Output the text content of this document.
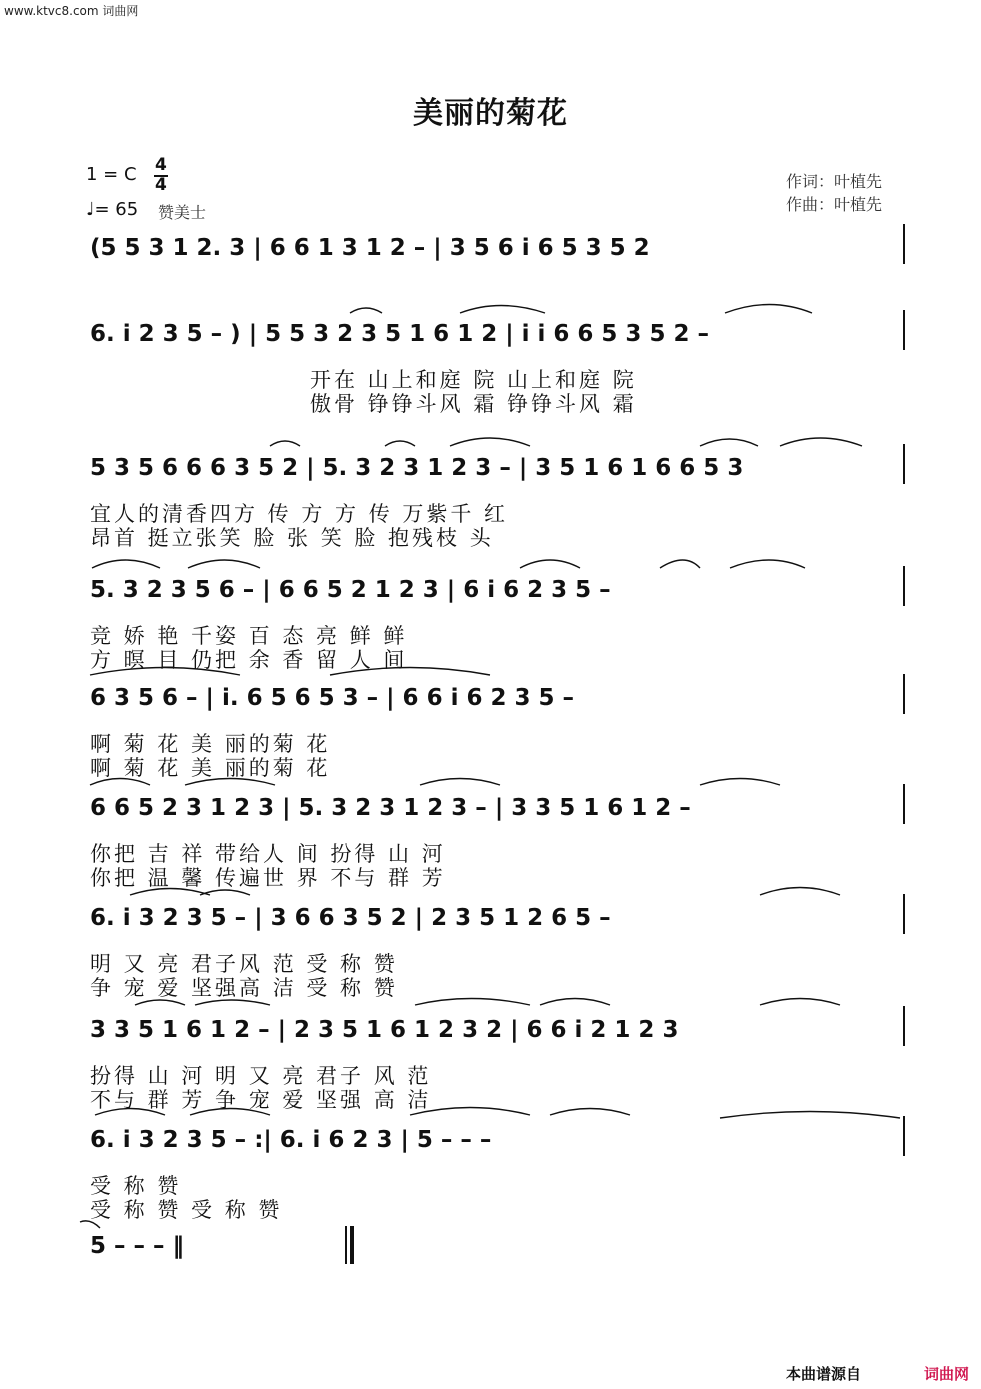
www.ktvc8.com 词曲网
美丽的菊花
1 = C 4
4
♩= 65 赞美士
作词：叶植先
作曲：叶植先
(5 5 3 1 2. 3 | 6 6 1 3 1 2 – | 3 5 6 i 6 5 3 5 2
6. i 2 3 5 – ) | 5 5 3 2 3 5 1 6 1 2 | i i 6 6 5 3 5 2 –
开在 山上和庭 院 山上和庭 院
傲骨 铮铮斗风 霜 铮铮斗风 霜
5 3 5 6 6 6 3 5 2 | 5. 3 2 3 1 2 3 – | 3 5 1 6 1 6 6 5 3
宜人的清香四方 传 方 方 传 万紫千 红
昂首 挺立张笑 脸 张 笑 脸 抱残枝 头
5. 3 2 3 5 6 – | 6 6 5 2 1 2 3 | 6 i 6 2 3 5 –
竞 娇 艳 千姿 百 态 亮 鲜 鲜
方 暝 目 仍把 余 香 留 人 间
6 3 5 6 – | i. 6 5 6 5 3 – | 6 6 i 6 2 3 5 –
啊 菊 花 美 丽的菊 花
啊 菊 花 美 丽的菊 花
6 6 5 2 3 1 2 3 | 5. 3 2 3 1 2 3 – | 3 3 5 1 6 1 2 –
你把 吉 祥 带给人 间 扮得 山 河
你把 温 馨 传遍世 界 不与 群 芳
6. i 3 2 3 5 – | 3 6 6 3 5 2 | 2 3 5 1 2 6 5 –
明 又 亮 君子风 范 受 称 赞
争 宠 爱 坚强高 洁 受 称 赞
3 3 5 1 6 1 2 – | 2 3 5 1 6 1 2 3 2 | 6 6 i 2 1 2 3
扮得 山 河 明 又 亮 君子 风 范
不与 群 芳 争 宠 爱 坚强 高 洁
6. i 3 2 3 5 – :| 6. i 6 2 3 | 5 – – –
受 称 赞
受 称 赞 受 称 赞
5 – – – ‖
本曲谱源自	词曲网
